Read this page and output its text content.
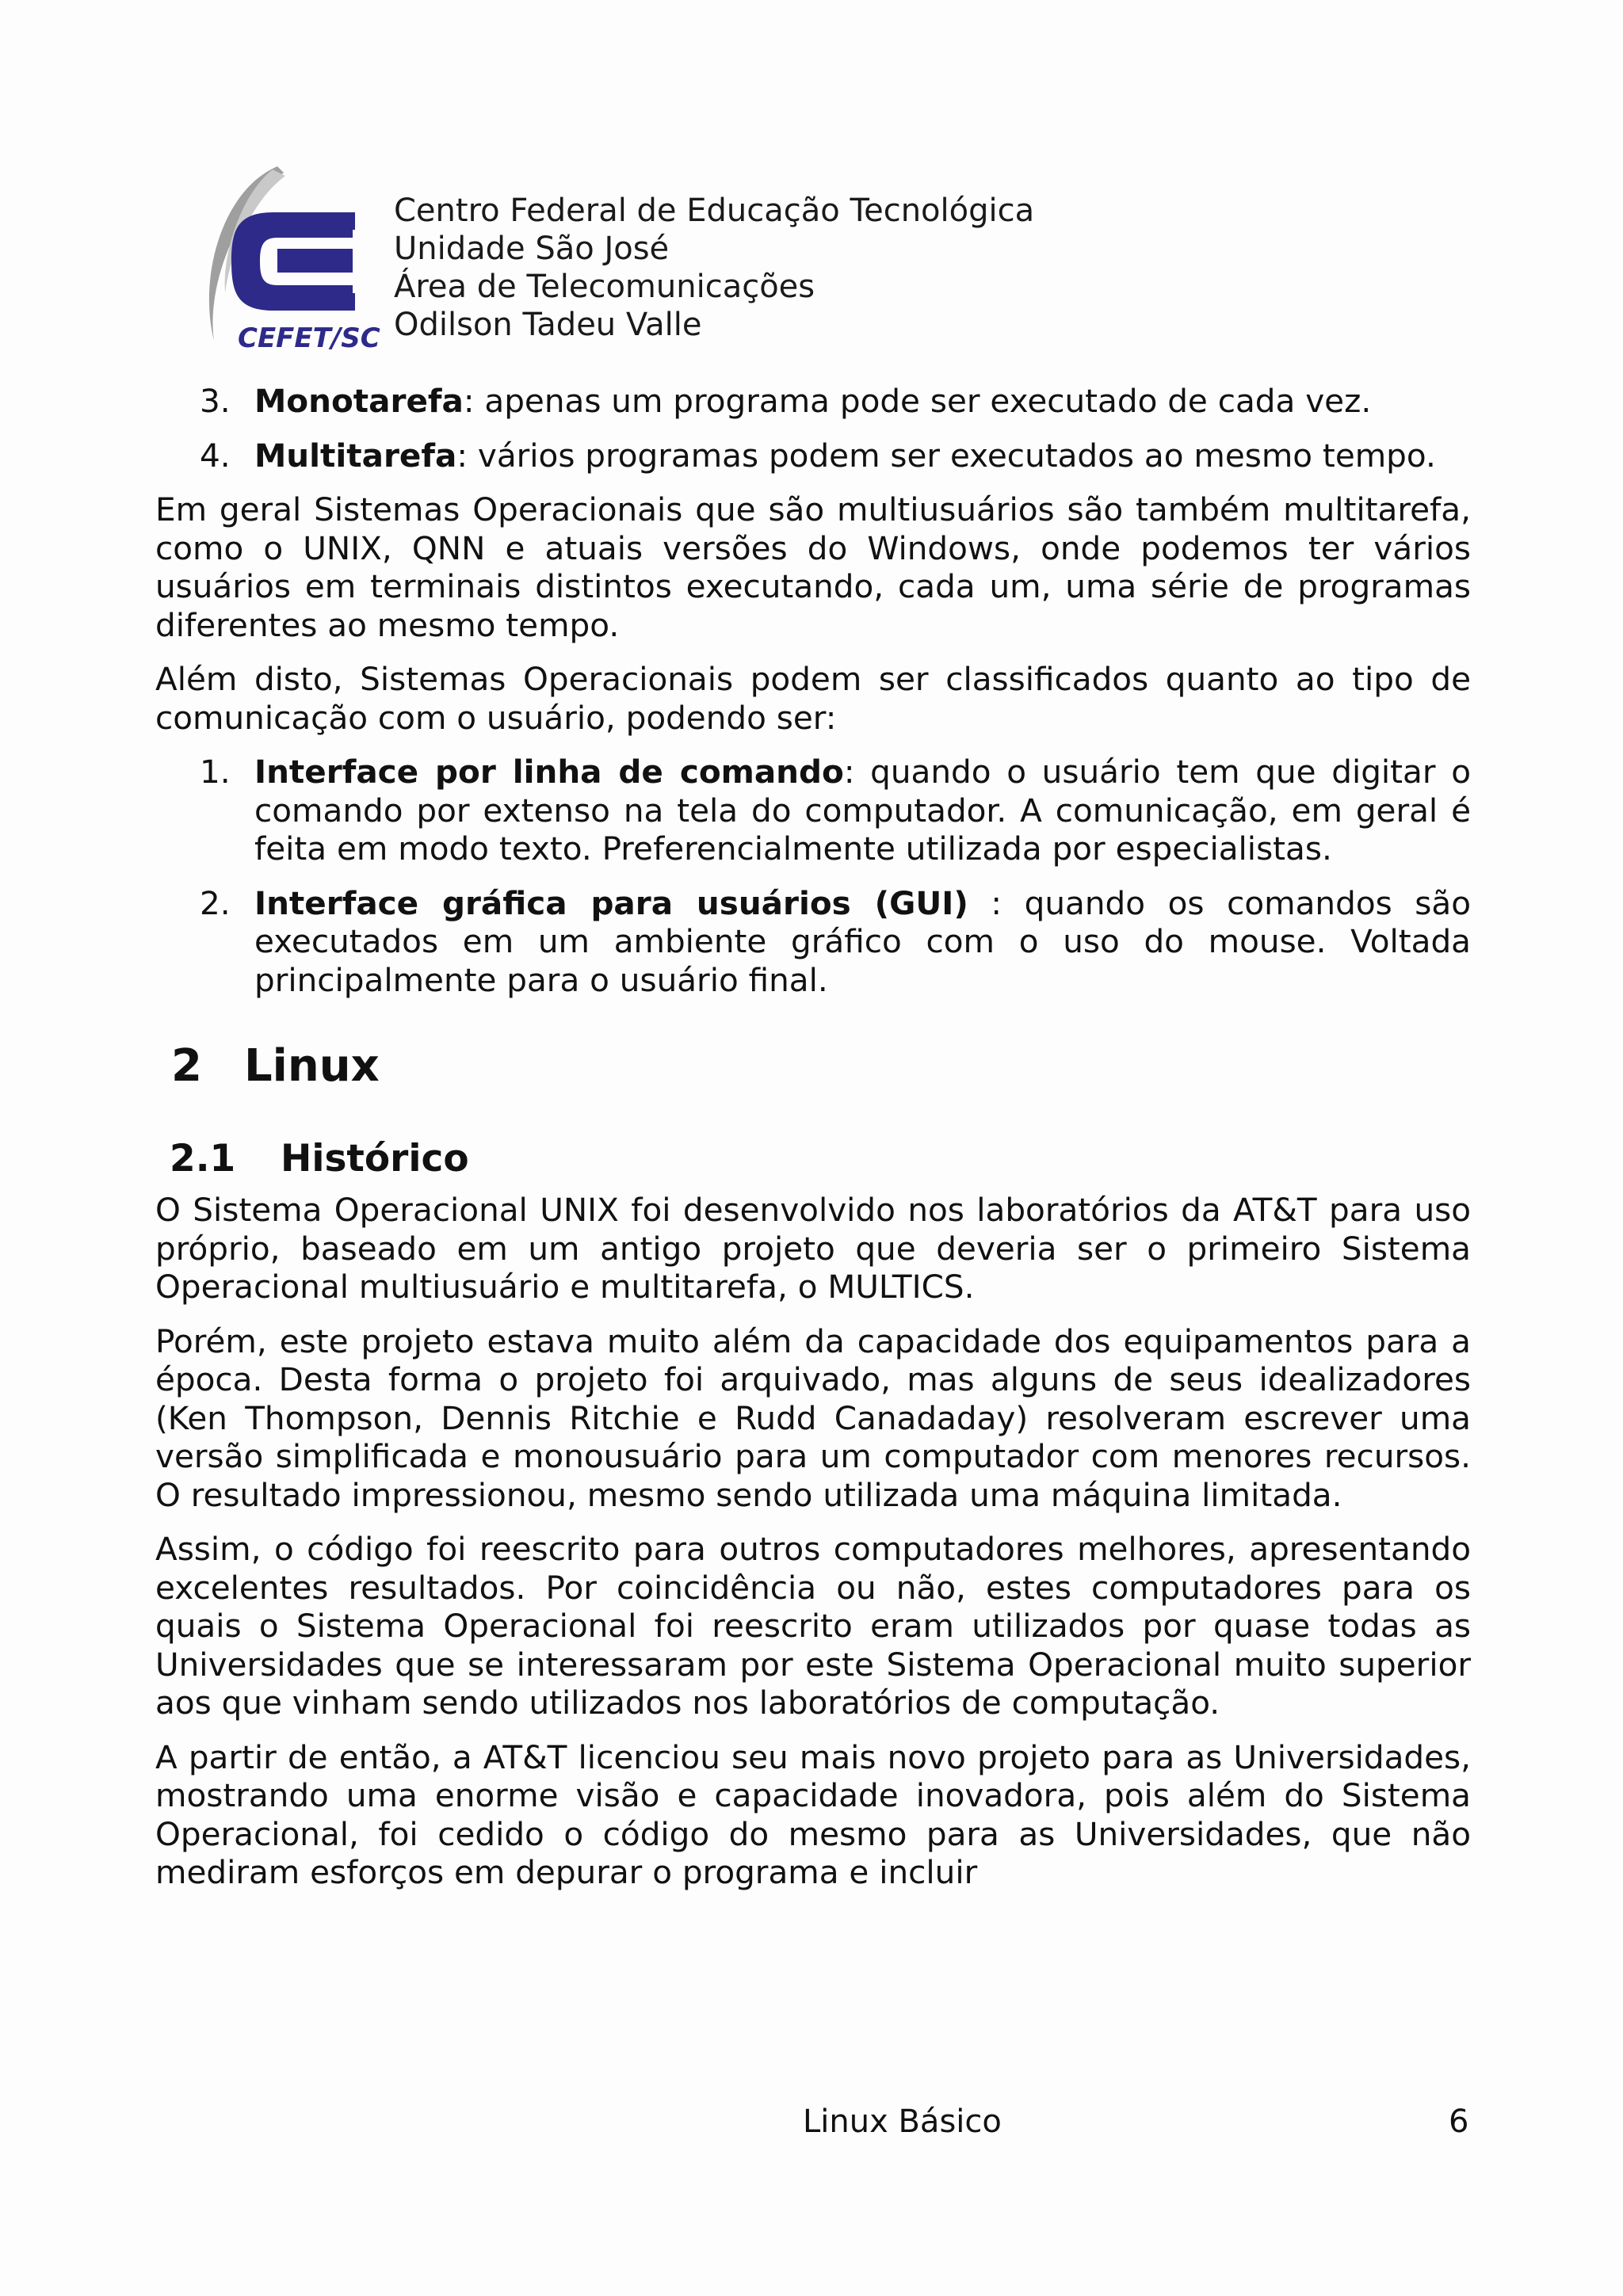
CEFET/SC
Centro Federal de Educação Tecnológica
Unidade São José
Área de Telecomunicações
Odilson Tadeu Valle
3. Monotarefa: apenas um programa pode ser executado de cada vez.
4. Multitarefa: vários programas podem ser executados ao mesmo tempo.

Em geral Sistemas Operacionais que são multiusuários são também multitarefa, como o UNIX, QNN e atuais versões do Windows, onde podemos ter vários usuários em terminais distintos executando, cada um, uma série de programas diferentes ao mesmo tempo.

Além disto, Sistemas Operacionais podem ser classificados quanto ao tipo de comunicação com o usuário, podendo ser:

1. Interface por linha de comando: quando o usuário tem que digitar o comando por extenso na tela do computador. A comunicação, em geral é feita em modo texto. Preferencialmente utilizada por especialistas.
2. Interface gráfica para usuários (GUI) : quando os comandos são executados em um ambiente gráfico com o uso do mouse. Voltada principalmente para o usuário final.
2 Linux
2.1 Histórico

O Sistema Operacional UNIX foi desenvolvido nos laboratórios da AT&T para uso próprio, baseado em um antigo projeto que deveria ser o primeiro Sistema Operacional multiusuário e multitarefa, o MULTICS.

Porém, este projeto estava muito além da capacidade dos equipamentos para a época. Desta forma o projeto foi arquivado, mas alguns de seus idealizadores (Ken Thompson, Dennis Ritchie e Rudd Canadaday) resolveram escrever uma versão simplificada e monousuário para um computador com menores recursos. O resultado impressionou, mesmo sendo utilizada uma máquina limitada.

Assim, o código foi reescrito para outros computadores melhores, apresentando excelentes resultados. Por coincidência ou não, estes computadores para os quais o Sistema Operacional foi reescrito eram utilizados por quase todas as Universidades que se interessaram por este Sistema Operacional muito superior aos que vinham sendo utilizados nos laboratórios de computação.

A partir de então, a AT&T licenciou seu mais novo projeto para as Universidades, mostrando uma enorme visão e capacidade inovadora, pois além do Sistema Operacional, foi cedido o código do mesmo para as Universidades, que não mediram esforços em depurar o programa e incluir

Linux Básico	6
